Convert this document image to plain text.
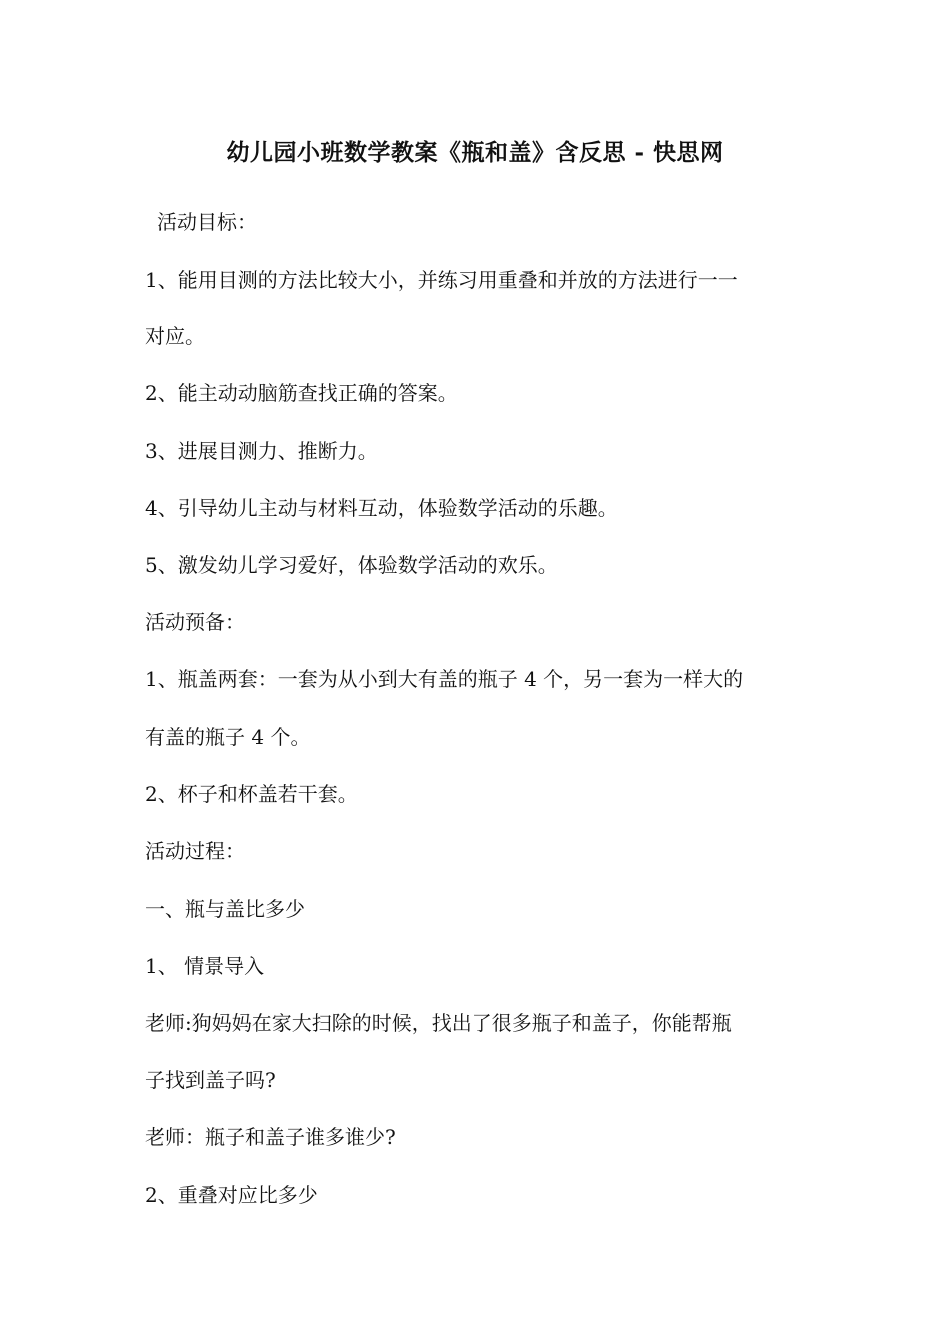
幼儿园小班数学教案《瓶和盖》含反思 - 快思网
活动目标：
1、能用目测的方法比较大小，并练习用重叠和并放的方法进行一一
对应。
2、能主动动脑筋查找正确的答案。
3、进展目测力、推断力。
4、引导幼儿主动与材料互动，体验数学活动的乐趣。
5、激发幼儿学习爱好，体验数学活动的欢乐。
活动预备：
1、瓶盖两套：一套为从小到大有盖的瓶子 4 个，另一套为一样大的
有盖的瓶子 4 个。
2、杯子和杯盖若干套。
活动过程：
一、瓶与盖比多少
1、 情景导入
老师:狗妈妈在家大扫除的时候，找出了很多瓶子和盖子，你能帮瓶
子找到盖子吗?
老师：瓶子和盖子谁多谁少?
2、重叠对应比多少
